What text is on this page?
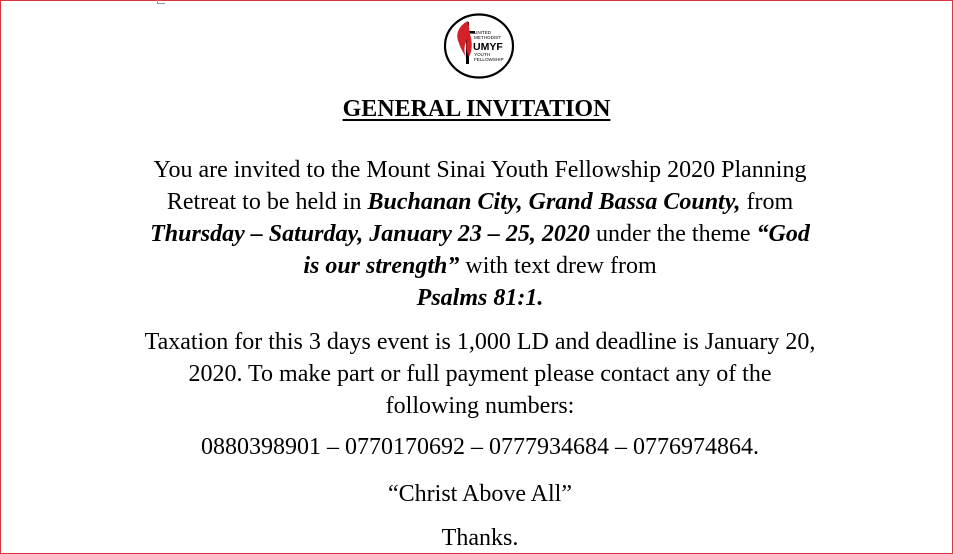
UNITED
METHODIST
UMYF
YOUTH
FELLOWSHIP
GENERAL INVITATION

You are invited to the Mount Sinai Youth Fellowship 2020 Planning Retreat to be held in Buchanan City, Grand Bassa County, from Thursday – Saturday, January 23 – 25, 2020 under the theme “God is our strength” with text drew from
Psalms 81:1.

Taxation for this 3 days event is 1,000 LD and deadline is January 20, 2020. To make part or full payment please contact any of the following numbers:

0880398901 – 0770170692 – 0777934684 – 0776974864.

“Christ Above All”

Thanks.
